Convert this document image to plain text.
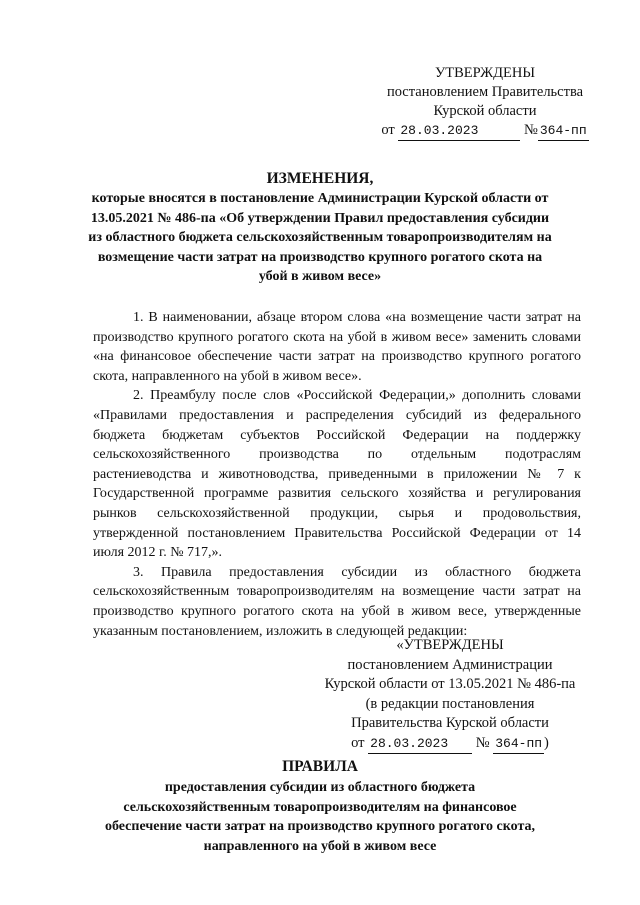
УТВЕРЖДЕНЫ
постановлением Правительства
Курской области
от 28.03.2023	№ 364-пп
ИЗМЕНЕНИЯ,
которые вносятся в постановление Администрации Курской области от 13.05.2021 № 486-па «Об утверждении Правил предоставления субсидии из областного бюджета сельскохозяйственным товаропроизводителям на возмещение части затрат на производство крупного рогатого скота на убой в живом весе»

1. В наименовании, абзаце втором слова «на возмещение части затрат на производство крупного рогатого скота на убой в живом весе» заменить словами «на финансовое обеспечение части затрат на производство крупного рогатого скота, направленного на убой в живом весе».

2. Преамбулу после слов «Российской Федерации,» дополнить словами «Правилами предоставления и распределения субсидий из федерального бюджета бюджетам субъектов Российской Федерации на поддержку сельскохозяйственного производства по отдельным подотраслям растениеводства и животноводства, приведенными в приложении № 7 к Государственной программе развития сельского хозяйства и регулирования рынков сельскохозяйственной продукции, сырья и продовольствия, утвержденной постановлением Правительства Российской Федерации от 14 июля 2012 г. № 717,».

3. Правила предоставления субсидии из областного бюджета сельскохозяйственным товаропроизводителям на возмещение части затрат на производство крупного рогатого скота на убой в живом весе, утвержденные указанным постановлением, изложить в следующей редакции:

«УТВЕРЖДЕНЫ
постановлением Администрации
Курской области от 13.05.2021 № 486-па
(в редакции постановления
Правительства Курской области
от 28.03.2023 № 364-пп )
ПРАВИЛА
предоставления субсидии из областного бюджета сельскохозяйственным товаропроизводителям на финансовое обеспечение части затрат на производство крупного рогатого скота, направленного на убой в живом весе
